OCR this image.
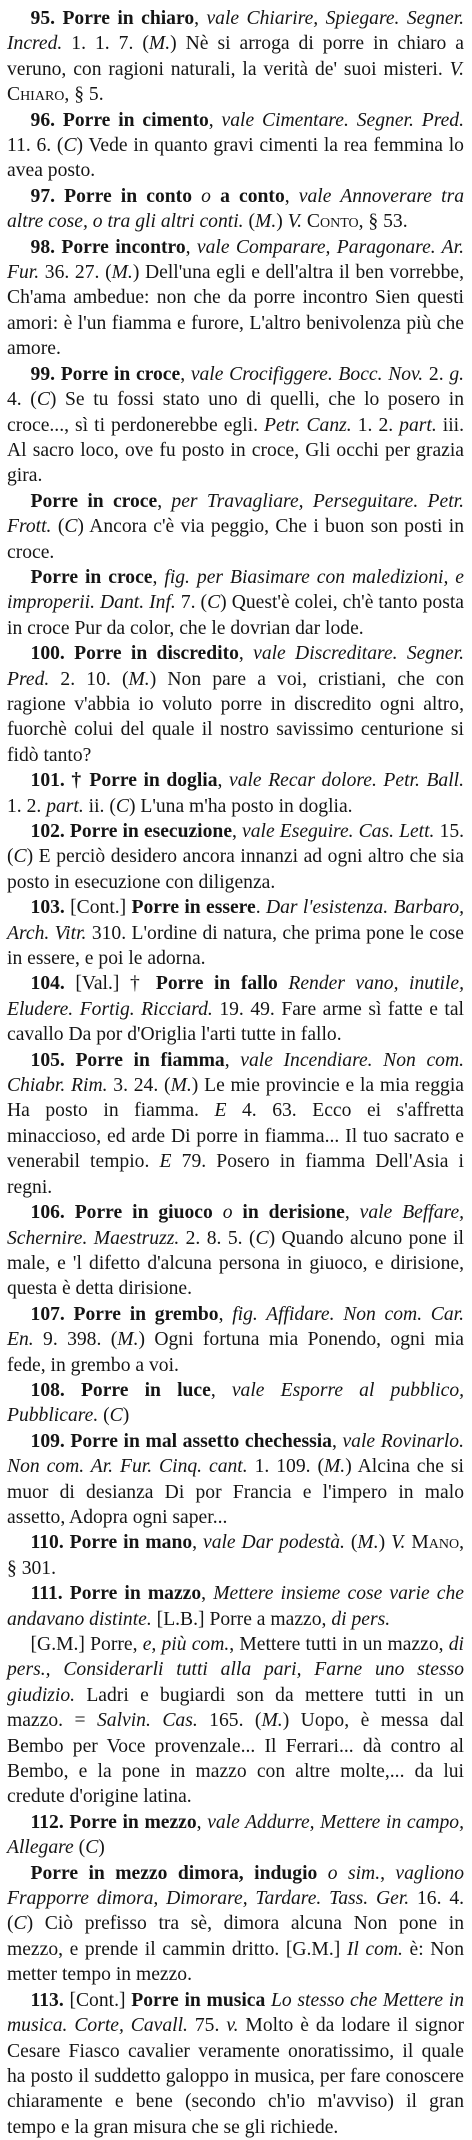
95. Porre in chiaro, vale Chiarire, Spiegare. Segner. Incred. 1. 1. 7. (M.) Nè si arroga di porre in chiaro a veruno, con ragioni naturali, la verità de' suoi misteri. V. Chiaro, § 5.

96. Porre in cimento, vale Cimentare. Segner. Pred. 11. 6. (C) Vede in quanto gravi cimenti la rea femmina lo avea posto.

97. Porre in conto o a conto, vale Annoverare tra altre cose, o tra gli altri conti. (M.) V. Conto, § 53.

98. Porre incontro, vale Comparare, Paragonare. Ar. Fur. 36. 27. (M.) Dell'una egli e dell'altra il ben vorrebbe, Ch'ama ambedue: non che da porre incontro Sien questi amori: è l'un fiamma e furore, L'altro benivolenza più che amore.

99. Porre in croce, vale Crocifiggere. Bocc. Nov. 2. g. 4. (C) Se tu fossi stato uno di quelli, che lo posero in croce..., sì ti perdonerebbe egli. Petr. Canz. 1. 2. part. iii. Al sacro loco, ove fu posto in croce, Gli occhi per grazia gira.

Porre in croce, per Travagliare, Perseguitare. Petr. Frott. (C) Ancora c'è via peggio, Che i buon son posti in croce.

Porre in croce, fig. per Biasimare con maledizioni, e improperii. Dant. Inf. 7. (C) Quest'è colei, ch'è tanto posta in croce Pur da color, che le dovrian dar lode.

100. Porre in discredito, vale Discreditare. Segner. Pred. 2. 10. (M.) Non pare a voi, cristiani, che con ragione v'abbia io voluto porre in discredito ogni altro, fuorchè colui del quale il nostro savissimo centurione si fidò tanto?

101. † Porre in doglia, vale Recar dolore. Petr. Ball. 1. 2. part. ii. (C) L'una m'ha posto in doglia.

102. Porre in esecuzione, vale Eseguire. Cas. Lett. 15. (C) E perciò desidero ancora innanzi ad ogni altro che sia posto in esecuzione con diligenza.

103. [Cont.] Porre in essere. Dar l'esistenza. Barbaro, Arch. Vitr. 310. L'ordine di natura, che prima pone le cose in essere, e poi le adorna.

104. [Val.] † Porre in fallo Render vano, inutile, Eludere. Fortig. Ricciard. 19. 49. Fare arme sì fatte e tal cavallo Da por d'Origlia l'arti tutte in fallo.

105. Porre in fiamma, vale Incendiare. Non com. Chiabr. Rim. 3. 24. (M.) Le mie provincie e la mia reggia Ha posto in fiamma. E 4. 63. Ecco ei s'affretta minaccioso, ed arde Di porre in fiamma... Il tuo sacrato e venerabil tempio. E 79. Posero in fiamma Dell'Asia i regni.

106. Porre in giuoco o in derisione, vale Beffare, Schernire. Maestruzz. 2. 8. 5. (C) Quando alcuno pone il male, e 'l difetto d'alcuna persona in giuoco, e dirisione, questa è detta dirisione.

107. Porre in grembo, fig. Affidare. Non com. Car. En. 9. 398. (M.) Ogni fortuna mia Ponendo, ogni mia fede, in grembo a voi.

108. Porre in luce, vale Esporre al pubblico, Pubblicare. (C)

109. Porre in mal assetto chechessia, vale Rovinarlo. Non com. Ar. Fur. Cinq. cant. 1. 109. (M.) Alcina che si muor di desianza Di por Francia e l'impero in malo assetto, Adopra ogni saper...

110. Porre in mano, vale Dar podestà. (M.) V. Mano, § 301.

111. Porre in mazzo, Mettere insieme cose varie che andavano distinte. [L.B.] Porre a mazzo, di pers.

[G.M.] Porre, e, più com., Mettere tutti in un mazzo, di pers., Considerarli tutti alla pari, Farne uno stesso giudizio. Ladri e bugiardi son da mettere tutti in un mazzo. = Salvin. Cas. 165. (M.) Uopo, è messa dal Bembo per Voce provenzale... Il Ferrari... dà contro al Bembo, e la pone in mazzo con altre molte,... da lui credute d'origine latina.

112. Porre in mezzo, vale Addurre, Mettere in campo, Allegare (C)

Porre in mezzo dimora, indugio o sim., vagliono Frapporre dimora, Dimorare, Tardare. Tass. Ger. 16. 4. (C) Ciò prefisso tra sè, dimora alcuna Non pone in mezzo, e prende il cammin dritto. [G.M.] Il com. è: Non metter tempo in mezzo.

113. [Cont.] Porre in musica Lo stesso che Mettere in musica. Corte, Cavall. 75. v. Molto è da lodare il signor Cesare Fiasco cavalier veramente onoratissimo, il quale ha posto il suddetto galoppo in musica, per fare conoscere chiaramente e bene (secondo ch'io m'avviso) il gran tempo e la gran misura che se gli richiede.
